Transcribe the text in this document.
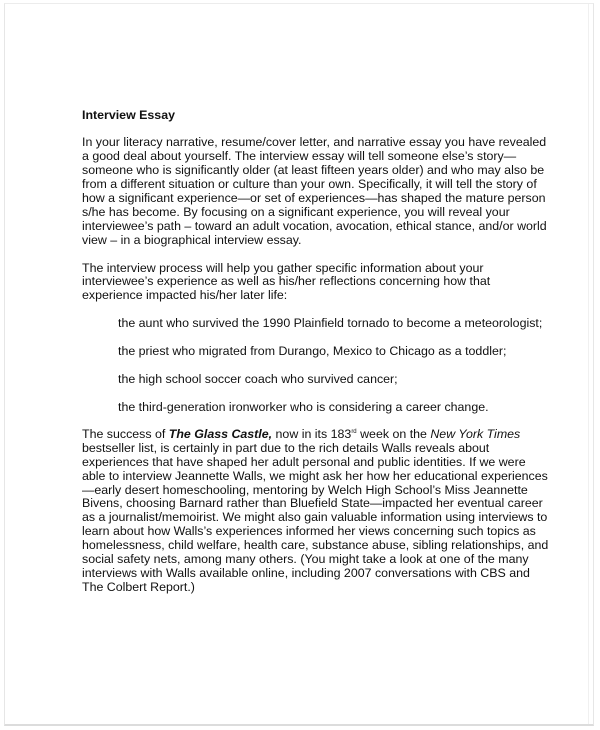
Interview Essay

In your literacy narrative, resume/cover letter, and narrative essay you have revealed a good deal about yourself. The interview essay will tell someone else’s story—someone who is significantly older (at least fifteen years older) and who may also be from a different situation or culture than your own. Specifically, it will tell the story of how a significant experience—or set of experiences—has shaped the mature person s/he has become. By focusing on a significant experience, you will reveal your interviewee’s path – toward an adult vocation, avocation, ethical stance, and/or world view – in a biographical interview essay.

The interview process will help you gather specific information about your interviewee’s experience as well as his/her reflections concerning how that experience impacted his/her later life:

the aunt who survived the 1990 Plainfield tornado to become a meteorologist;

the priest who migrated from Durango, Mexico to Chicago as a toddler;

the high school soccer coach who survived cancer;

the third-generation ironworker who is considering a career change.

The success of The Glass Castle, now in its 183rd week on the New York Times bestseller list, is certainly in part due to the rich details Walls reveals about experiences that have shaped her adult personal and public identities. If we were able to interview Jeannette Walls, we might ask her how her educational experiences—early desert homeschooling, mentoring by Welch High School’s Miss Jeannette Bivens, choosing Barnard rather than Bluefield State—impacted her eventual career as a journalist/memoirist. We might also gain valuable information using interviews to learn about how Walls’s experiences informed her views concerning such topics as homelessness, child welfare, health care, substance abuse, sibling relationships, and social safety nets, among many others. (You might take a look at one of the many interviews with Walls available online, including 2007 conversations with CBS and The Colbert Report.)
